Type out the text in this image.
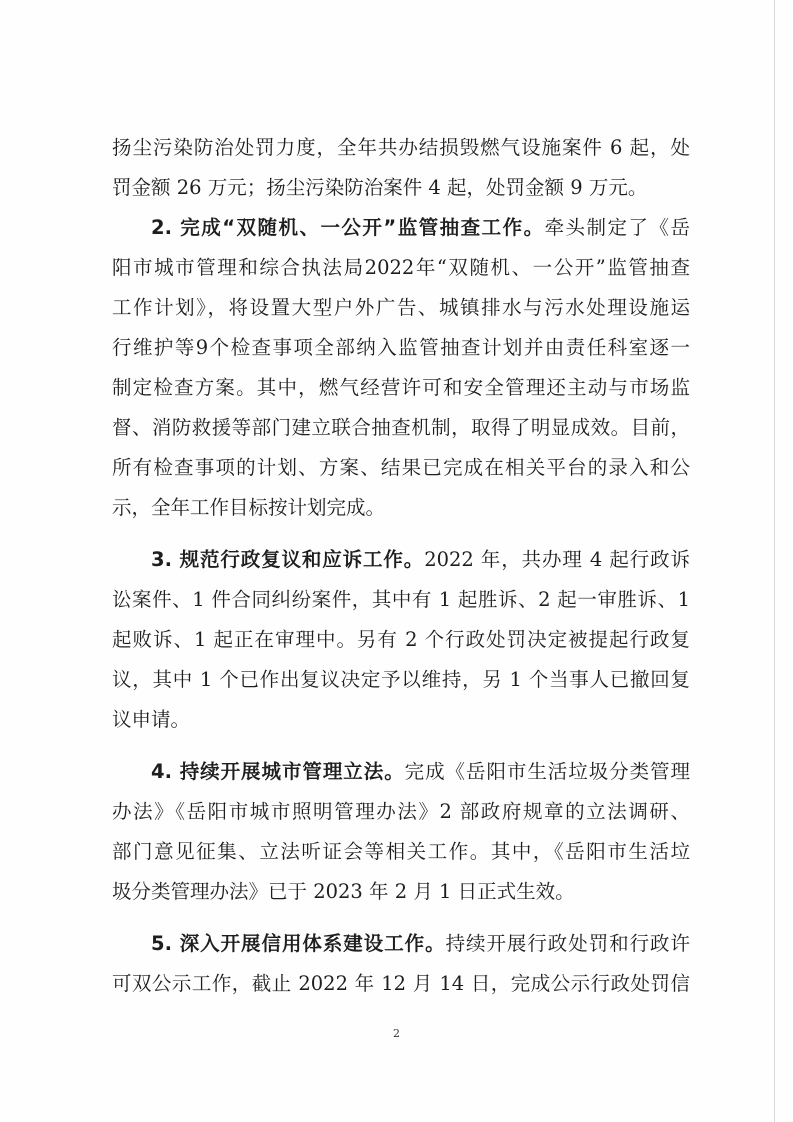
扬尘污染防治处罚力度，全年共办结损毁燃气设施案件 6 起，处
罚金额 26 万元；扬尘污染防治案件 4 起，处罚金额 9 万元。
2. 完成“双随机、一公开”监管抽查工作。牵头制定了《岳
阳市城市管理和综合执法局2022年“双随机、一公开”监管抽查
工作计划》，将设置大型户外广告、城镇排水与污水处理设施运
行维护等9个检查事项全部纳入监管抽查计划并由责任科室逐一
制定检查方案。其中，燃气经营许可和安全管理还主动与市场监
督、消防救援等部门建立联合抽查机制，取得了明显成效。目前，
所有检查事项的计划、方案、结果已完成在相关平台的录入和公
示，全年工作目标按计划完成。
3. 规范行政复议和应诉工作。2022 年，共办理 4 起行政诉
讼案件、1 件合同纠纷案件，其中有 1 起胜诉、2 起一审胜诉、1
起败诉、1 起正在审理中。另有 2 个行政处罚决定被提起行政复
议，其中 1 个已作出复议决定予以维持，另 1 个当事人已撤回复
议申请。
4. 持续开展城市管理立法。完成《岳阳市生活垃圾分类管理
办法》《岳阳市城市照明管理办法》2 部政府规章的立法调研、
部门意见征集、立法听证会等相关工作。其中，《岳阳市生活垃
圾分类管理办法》已于 2023 年 2 月 1 日正式生效。
5. 深入开展信用体系建设工作。持续开展行政处罚和行政许
可双公示工作，截止 2022 年 12 月 14 日，完成公示行政处罚信
2
